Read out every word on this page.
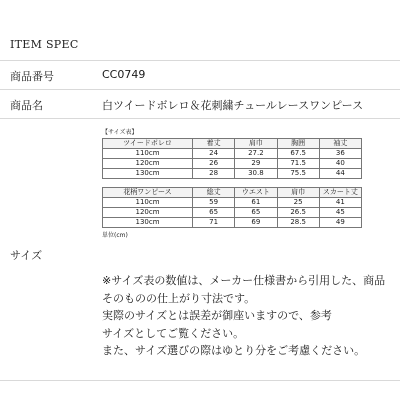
ITEM SPEC
商品番号	CC0749
商品名	白ツイードボレロ＆花刺繍チュールレースワンピース
サイズ
【サイズ表】
ツイードボレロ	着丈	肩巾	胸囲	袖丈
110cm	24	27.2	67.5	36
120cm	26	29	71.5	40
130cm	28	30.8	75.5	44
花柄ワンピース	総丈	ウエスト	肩巾	スカート丈
110cm	59	61	25	41
120cm	65	65	26.5	45
130cm	71	69	28.5	49
単位(cm)
※サイズ表の数値は、メーカー仕様書から引用した、商品
そのものの仕上がり寸法です。
実際のサイズとは誤差が御座いますので、参考
サイズとしてご覧ください。
また、サイズ選びの際はゆとり分をご考慮ください。
